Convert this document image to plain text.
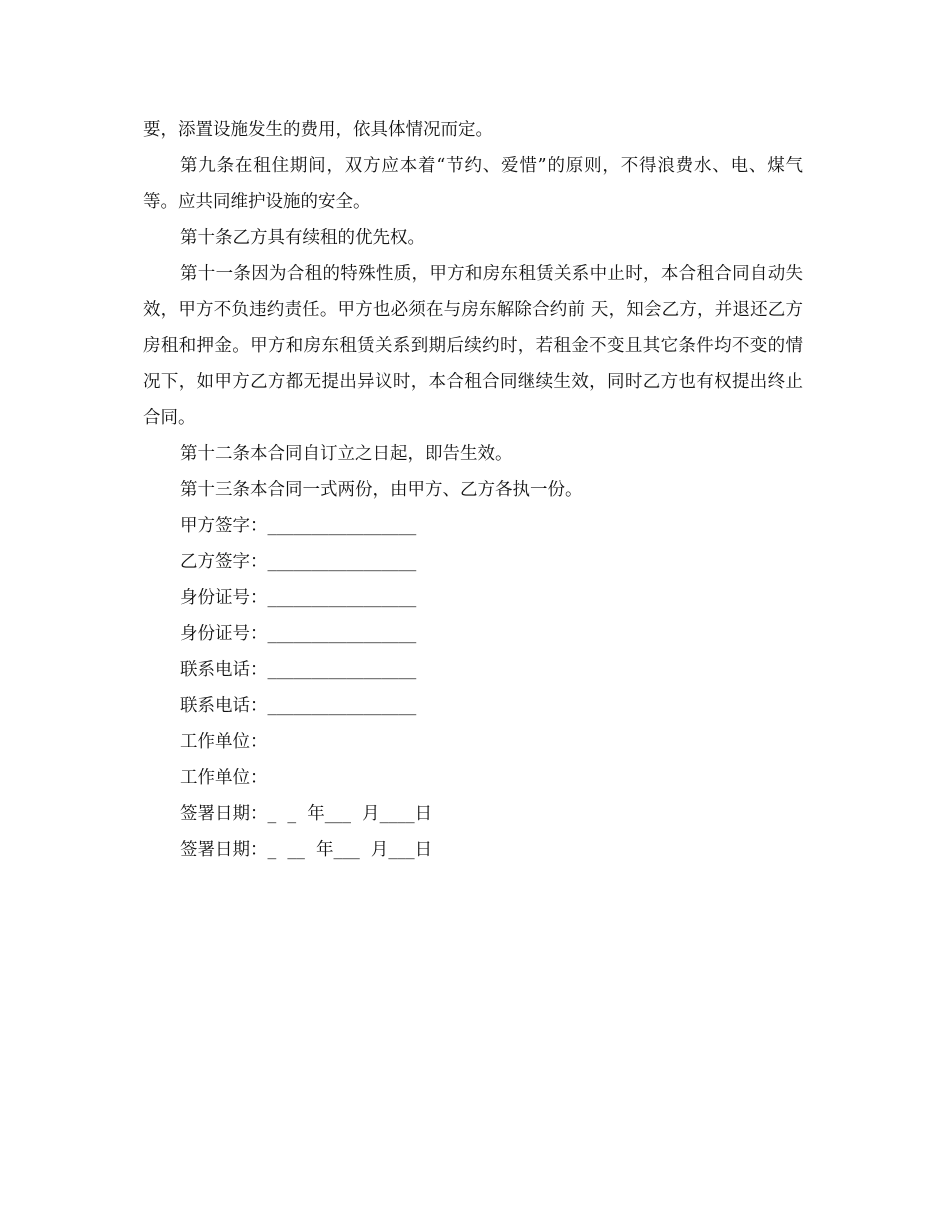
要，添置设施发生的费用，依具体情况而定。

第九条在租住期间，双方应本着“节约、爱惜”的原则，不得浪费水、电、煤气等。应共同维护设施的安全。

第十条乙方具有续租的优先权。

第十一条因为合租的特殊性质，甲方和房东租赁关系中止时，本合租合同自动失效，甲方不负违约责任。甲方也必须在与房东解除合约前 天，知会乙方，并退还乙方房租和押金。甲方和房东租赁关系到期后续约时，若租金不变且其它条件均不变的情况下，如甲方乙方都无提出异议时，本合租合同继续生效，同时乙方也有权提出终止合同。

第十二条本合同自订立之日起，即告生效。

第十三条本合同一式两份，由甲方、乙方各执一份。

甲方签字：_________________

乙方签字：_________________

身份证号：_________________

身份证号：_________________

联系电话：_________________

联系电话：_________________

工作单位：

工作单位：

签署日期：_  _  年___  月____日

签署日期：_  __  年___  月___日
